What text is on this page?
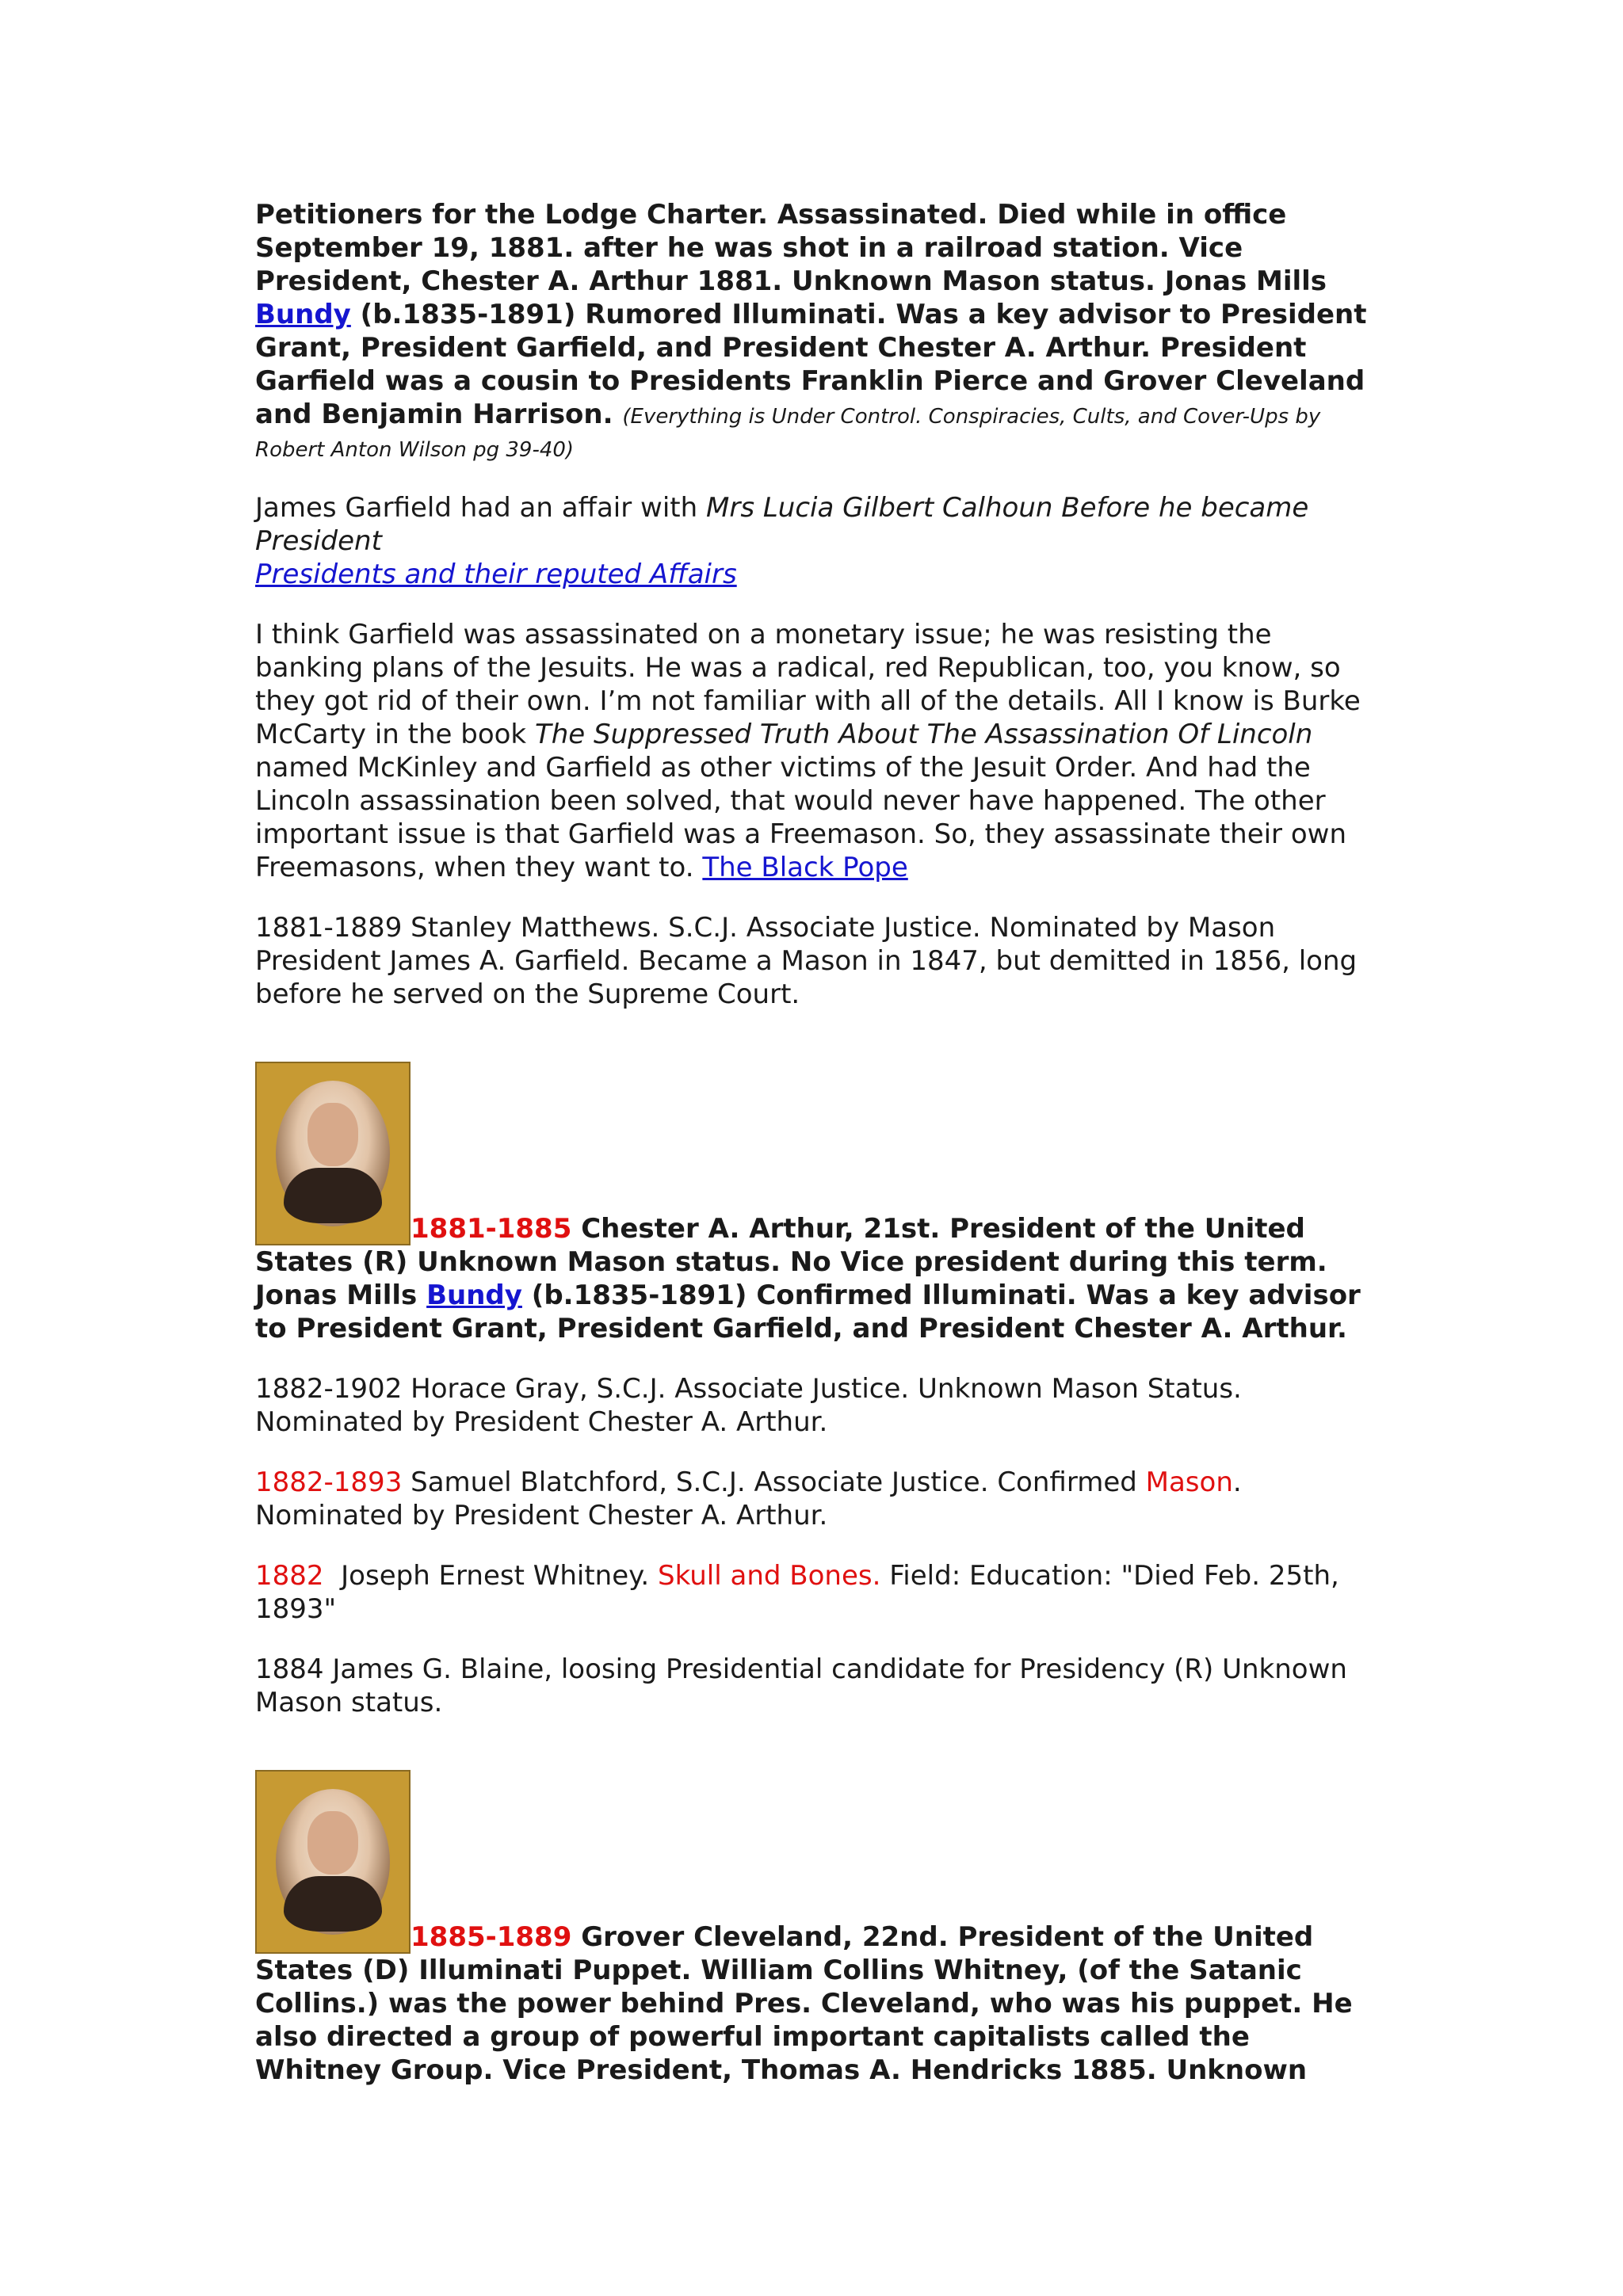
Petitioners for the Lodge Charter. Assassinated. Died while in office September 19, 1881. after he was shot in a railroad station. Vice President, Chester A. Arthur 1881. Unknown Mason status. Jonas Mills Bundy (b.1835-1891) Rumored Illuminati. Was a key advisor to President Grant, President Garfield, and President Chester A. Arthur. President Garfield was a cousin to Presidents Franklin Pierce and Grover Cleveland and Benjamin Harrison. (Everything is Under Control. Conspiracies, Cults, and Cover-Ups by Robert Anton Wilson pg 39-40)

James Garfield had an affair with Mrs Lucia Gilbert Calhoun Before he became President
Presidents and their reputed Affairs

I think Garfield was assassinated on a monetary issue; he was resisting the banking plans of the Jesuits. He was a radical, red Republican, too, you know, so they got rid of their own. I’m not familiar with all of the details. All I know is Burke McCarty in the book The Suppressed Truth About The Assassination Of Lincoln named McKinley and Garfield as other victims of the Jesuit Order. And had the Lincoln assassination been solved, that would never have happened. The other important issue is that Garfield was a Freemason. So, they assassinate their own Freemasons, when they want to. The Black Pope

1881-1889 Stanley Matthews. S.C.J. Associate Justice. Nominated by Mason President James A. Garfield. Became a Mason in 1847, but demitted in 1856, long before he served on the Supreme Court.

1881-1885 Chester A. Arthur, 21st. President of the United States (R) Unknown Mason status. No Vice president during this term. Jonas Mills Bundy (b.1835-1891) Confirmed Illuminati. Was a key advisor to President Grant, President Garfield, and President Chester A. Arthur.

1882-1902 Horace Gray, S.C.J. Associate Justice. Unknown Mason Status. Nominated by President Chester A. Arthur.

1882-1893 Samuel Blatchford, S.C.J. Associate Justice. Confirmed Mason. Nominated by President Chester A. Arthur.

1882  Joseph Ernest Whitney. Skull and Bones. Field: Education: "Died Feb. 25th, 1893"

1884 James G. Blaine, loosing Presidential candidate for Presidency (R) Unknown Mason status.

1885-1889 Grover Cleveland, 22nd. President of the United States (D) Illuminati Puppet. William Collins Whitney, (of the Satanic Collins.) was the power behind Pres. Cleveland, who was his puppet. He also directed a group of powerful important capitalists called the Whitney Group. Vice President, Thomas A. Hendricks 1885. Unknown
